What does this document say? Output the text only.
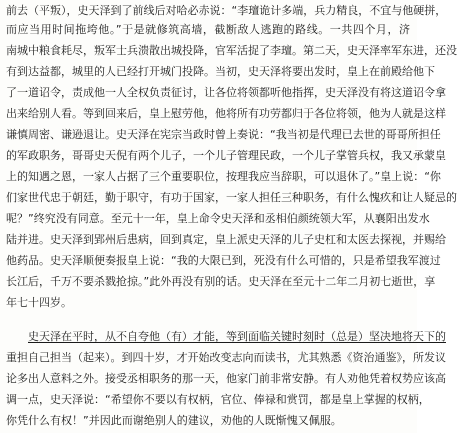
前去（平叛），史天泽到了前线后对哈必赤说：“李璮诡计多端，兵力精良，不宜与他硬拼，
而应当用时间拖垮他。”于是就修筑高墙，截断敌人逃跑的路线。一共四个月，济
南城中粮食耗尽，叛军士兵溃散出城投降，官军活捉了李璮。第二天，史天泽率军东进，还没
有到达益都，城里的人已经打开城门投降。当初，史天泽将要出发时，皇上在前殿给他下
了一道诏令，责成他一人全权负责征讨，让各位将领都听他指挥，史天泽没有将这道诏令拿
出来给别人看。等到回来后，皇上慰劳他，他将所有功劳都归于各位将领，他为人就是这样
谦慎周密、谦逊退让。史天泽在宪宗当政时曾上奏说：“我当初是代理已去世的哥哥所担任
的军政职务，哥哥史天倪有两个儿子，一个儿子管理民政，一个儿子掌管兵权，我又承蒙皇
上的知遇之恩，一家人占据了三个重要职位，按理我应当辞职，可以退休了。”皇上说：“你
们家世代忠于朝廷，勤于职守，有功于国家，一家人担任三种职务，有什么愧疚和让人疑忌的
呢？”终究没有同意。至元十一年，皇上命令史天泽和丞相伯颜统领大军，从襄阳出发水
陆并进。史天泽到郢州后患病，回到真定，皇上派史天泽的儿子史杠和太医去探视，并赐给
他药品。史天泽顺便奏报皇上说：“我的大限已到，死没有什么可惜的，只是希望我军渡过
长江后，千万不要杀戮抢掠。”此外再没有别的话。史天泽在至元十二年二月初七逝世，享
年七十四岁。
史天泽在平时，从不自夸他（有）才能，等到面临关键时刻时（总是）坚决地将天下的
重担自己担当（起来）。到四十岁，才开始改变志向而读书，尤其熟悉《资治通鉴》，所发议
论多出人意料之外。接受丞相职务的那一天，他家门前非常安静。有人劝他凭着权势应该高
调一点，史天泽说：“希望你不要以有权柄，官位、俸禄和赏罚，都是皇上掌握的权柄，
你凭什么有权！”并因此而谢绝别人的建议，劝他的人既惭愧又佩服。
